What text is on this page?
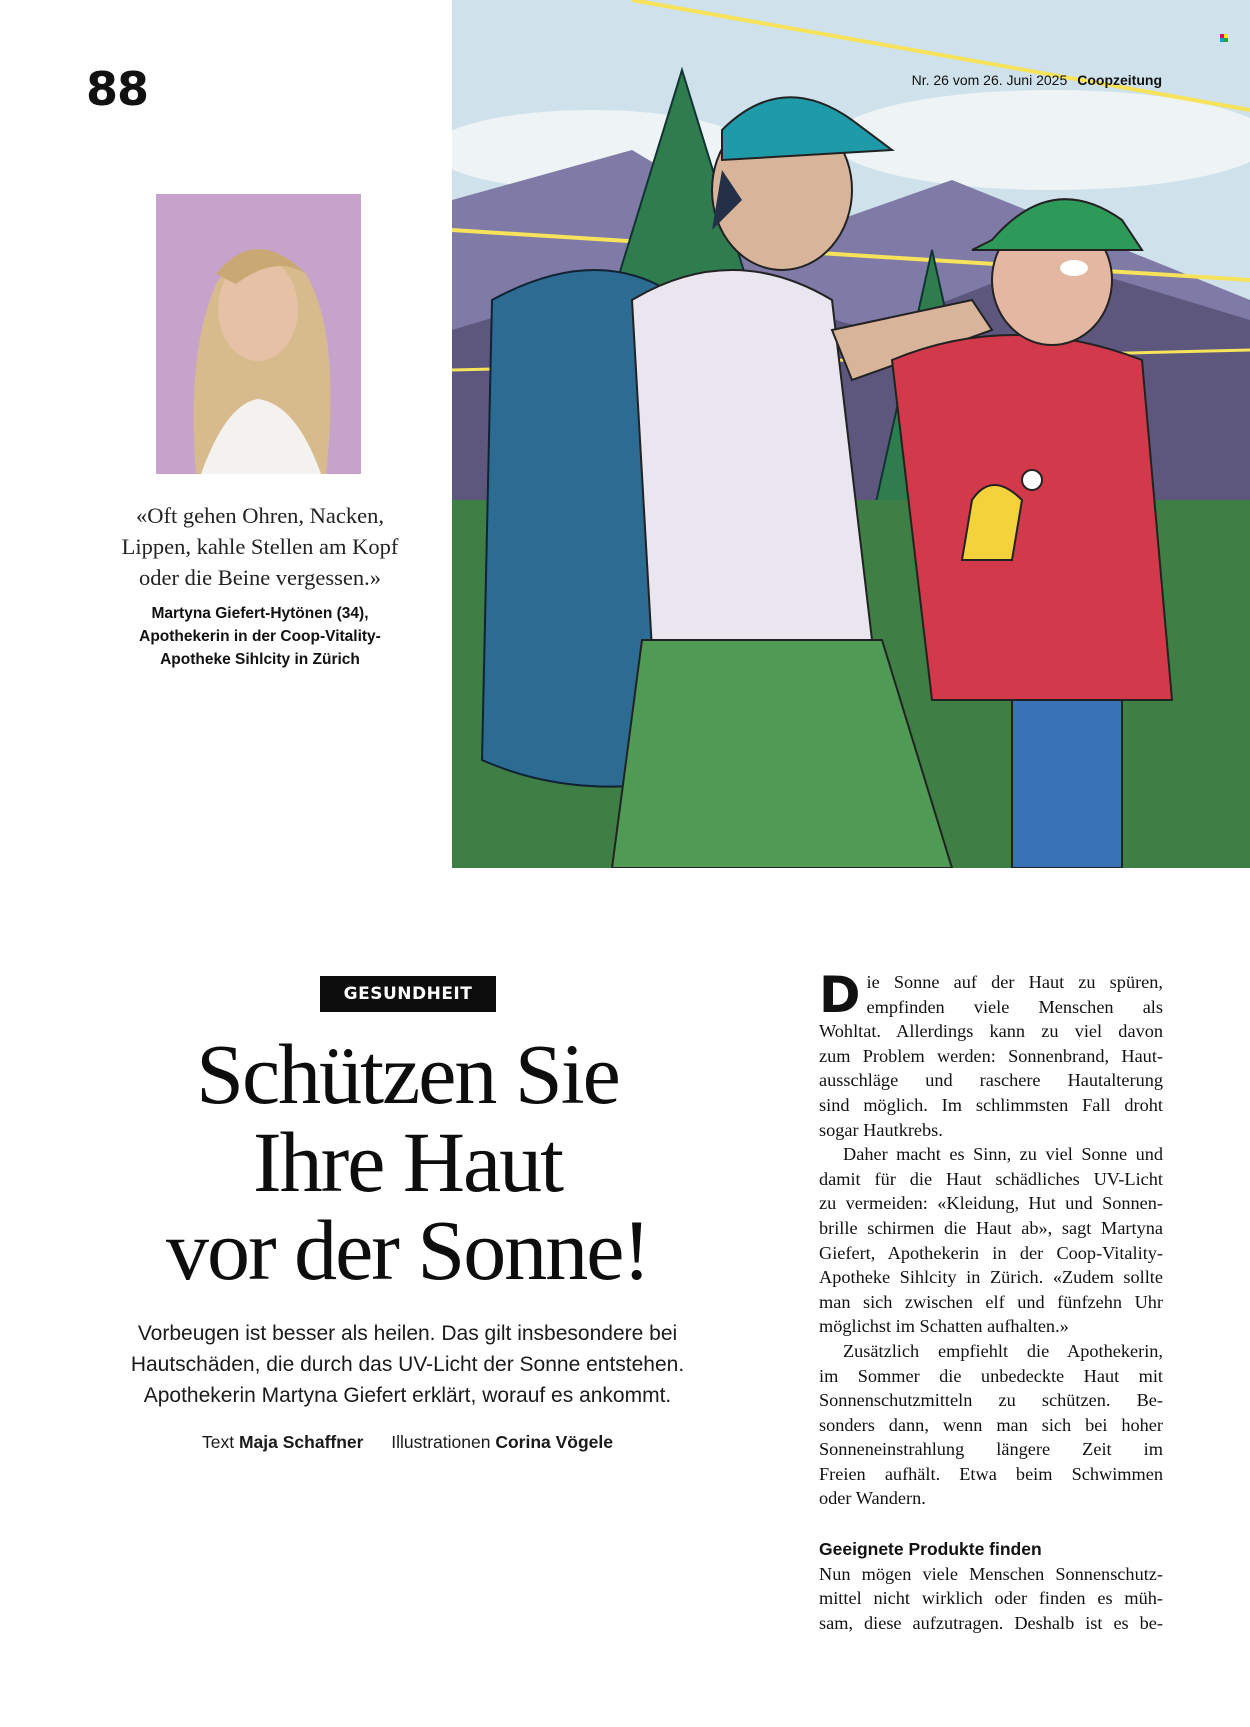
88	Nr. 26 vom 26. Juni 2025 Coopzeitung
«Oft gehen Ohren, Nacken,
Lippen, kahle Stellen am Kopf
oder die Beine vergessen.»
Martyna Giefert-Hytönen (34),
Apothekerin in der Coop-Vitality-
Apotheke Sihlcity in Zürich
GESUNDHEIT
Schützen Sie
Ihre Haut
vor der Sonne!
Vorbeugen ist besser als heilen. Das gilt insbesondere bei
Hautschäden, die durch das UV-Licht der Sonne entstehen.
Apothekerin Martyna Giefert erklärt, worauf es ankommt.
Text Maja Schaffner Illustrationen Corina Vögele
D ie Sonne auf der Haut zu spüren,
empfinden viele Menschen als
Wohltat. Allerdings kann zu viel davon
zum Problem werden: Sonnenbrand, Haut-
ausschläge und raschere Hautalterung
sind möglich. Im schlimmsten Fall droht
sogar Hautkrebs.
Daher macht es Sinn, zu viel Sonne und
damit für die Haut schädliches UV-Licht
zu vermeiden: «Kleidung, Hut und Sonnen-
brille schirmen die Haut ab», sagt Martyna
Giefert, Apothekerin in der Coop-Vitality-
Apotheke Sihlcity in Zürich. «Zudem sollte
man sich zwischen elf und fünfzehn Uhr
möglichst im Schatten aufhalten.»
Zusätzlich empfiehlt die Apothekerin,
im Sommer die unbedeckte Haut mit
Sonnenschutzmitteln zu schützen. Be-
sonders dann, wenn man sich bei hoher
Sonneneinstrahlung längere Zeit im
Freien aufhält. Etwa beim Schwimmen
oder Wandern.
Geeignete Produkte finden
Nun mögen viele Menschen Sonnenschutz-
mittel nicht wirklich oder finden es müh-
sam, diese aufzutragen. Deshalb ist es be-
